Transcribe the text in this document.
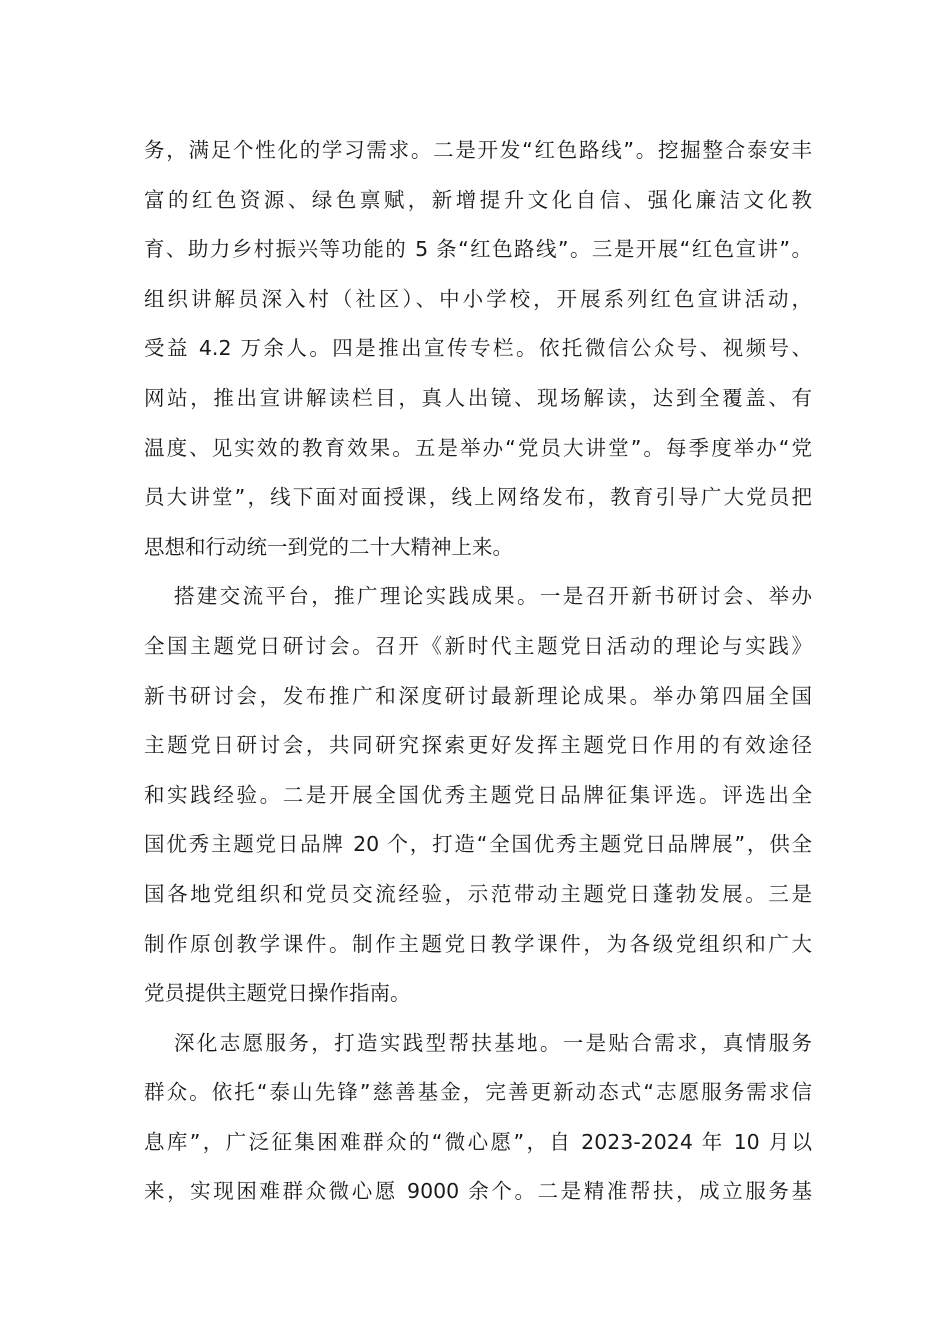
务，满足个性化的学习需求。二是开发“红色路线”。挖掘整合泰安丰
富的红色资源、绿色禀赋，新增提升文化自信、强化廉洁文化教
育、助力乡村振兴等功能的 5 条“红色路线”。三是开展“红色宣讲”。
组织讲解员深入村（社区）、中小学校，开展系列红色宣讲活动，
受益 4.2 万余人。四是推出宣传专栏。依托微信公众号、视频号、
网站，推出宣讲解读栏目，真人出镜、现场解读，达到全覆盖、有
温度、见实效的教育效果。五是举办“党员大讲堂”。每季度举办“党
员大讲堂”，线下面对面授课，线上网络发布，教育引导广大党员把
思想和行动统一到党的二十大精神上来。
搭建交流平台，推广理论实践成果。一是召开新书研讨会、举办
全国主题党日研讨会。召开《新时代主题党日活动的理论与实践》
新书研讨会，发布推广和深度研讨最新理论成果。举办第四届全国
主题党日研讨会，共同研究探索更好发挥主题党日作用的有效途径
和实践经验。二是开展全国优秀主题党日品牌征集评选。评选出全
国优秀主题党日品牌 20 个，打造“全国优秀主题党日品牌展”，供全
国各地党组织和党员交流经验，示范带动主题党日蓬勃发展。三是
制作原创教学课件。制作主题党日教学课件，为各级党组织和广大
党员提供主题党日操作指南。
深化志愿服务，打造实践型帮扶基地。一是贴合需求，真情服务
群众。依托“泰山先锋”慈善基金，完善更新动态式“志愿服务需求信
息库”，广泛征集困难群众的“微心愿”，自 2023-2024 年 10 月以
来，实现困难群众微心愿 9000 余个。二是精准帮扶，成立服务基
